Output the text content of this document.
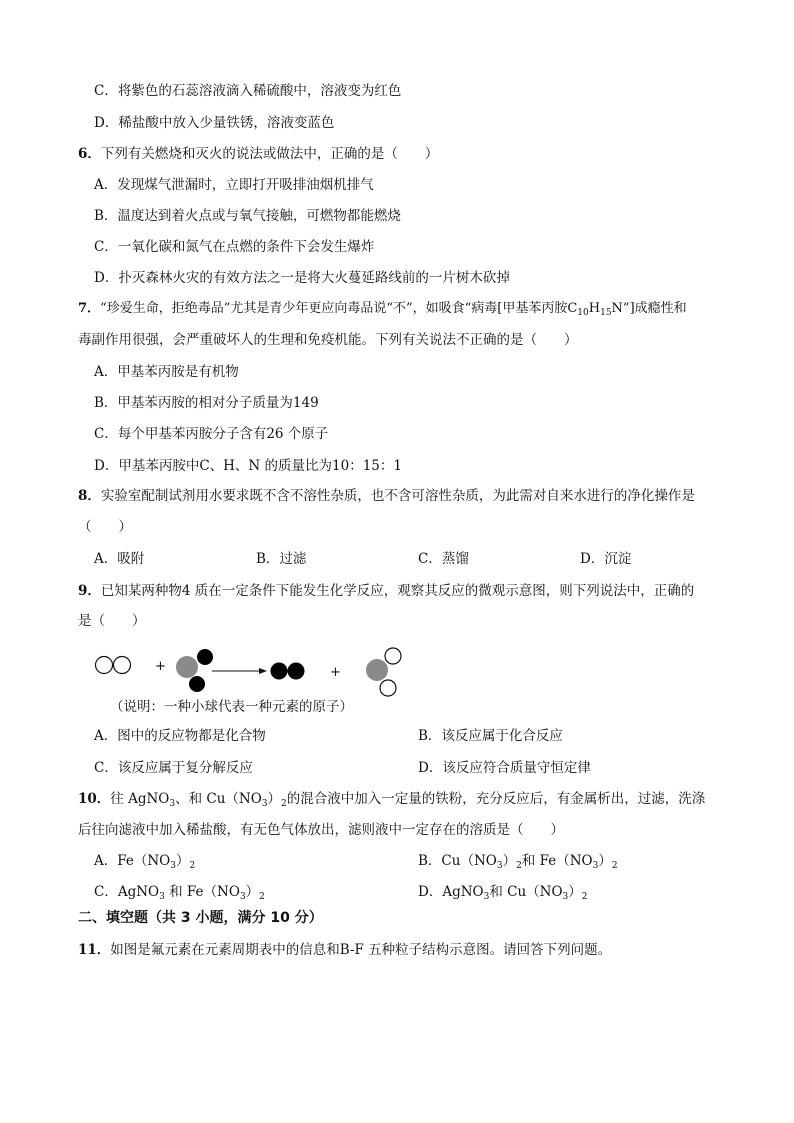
C．将紫色的石蕊溶液滴入稀硫酸中，溶液变为红色
D．稀盐酸中放入少量铁锈，溶液变蓝色
6．下列有关燃烧和灭火的说法或做法中，正确的是（　　）
A．发现煤气泄漏时，立即打开吸排油烟机排气
B．温度达到着火点或与氧气接触，可燃物都能燃烧
C．一氧化碳和氮气在点燃的条件下会发生爆炸
D．扑灭森林火灾的有效方法之一是将大火蔓延路线前的一片树木砍掉
7．“珍爱生命，拒绝毒品”尤其是青少年更应向毒品说“不”，如吸食“病毒[甲基苯丙胺$C_{10}H_{15}N$”]成瘾性和
毒副作用很强，会严重破坏人的生理和免疫机能。下列有关说法不正确的是（　　）
A．甲基苯丙胺是有机物
B．甲基苯丙胺的相对分子质量为149
C．每个甲基苯丙胺分子含有26 个原子
D．甲基苯丙胺中C、H、N 的质量比为10：15：1
8．实验室配制试剂用水要求既不含不溶性杂质，也不含可溶性杂质，为此需对自来水进行的净化操作是
（　　）
A．吸附	B．过滤	C．蒸馏	D．沉淀
9．已知某两种物4 质在一定条件下能发生化学反应，观察其反应的微观示意图，则下列说法中，正确的
是（　　）
+	+
（说明：一种小球代表一种元素的原子）
A．图中的反应物都是化合物	B．该反应属于化合反应
C．该反应属于复分解反应	D．该反应符合质量守恒定律
10．往 AgNO$_3$、和 $Cu(NO_3)_2$的混合液中加入一定量的铁粉，充分反应后，有金属析出，过滤，洗涤
后往向滤液中加入稀盐酸，有无色气体放出，滤则液中一定存在的溶质是（　　）
A．$Fe(NO_3)_2$	B．$Cu(NO_3)_2$和 $Fe(NO_3)_2$
C．AgNO$_3$ 和 $Fe(NO_3)_2$	D．AgNO$_3$和 $Cu(NO_3)_2$
二、填空题（共 3 小题，满分 10 分）
11．如图是氟元素在元素周期表中的信息和B-F 五种粒子结构示意图。请回答下列问题。
